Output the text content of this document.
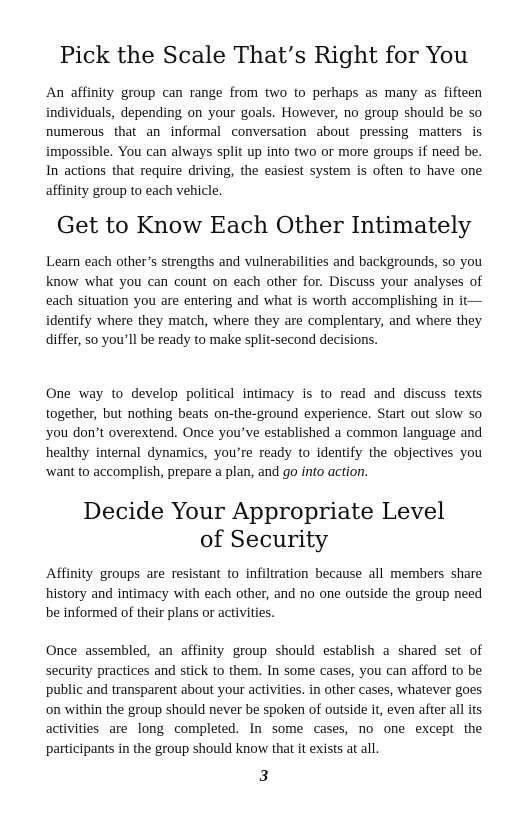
Pick the Scale That’s Right for You

An affinity group can range from two to perhaps as many as fifteen individuals, depending on your goals. However, no group should be so numerous that an informal conversation about pressing matters is impossible. You can always split up into two or more groups if need be. In actions that require driving, the easiest system is often to have one affinity group to each vehicle.

Get to Know Each Other Intimately

Learn each other’s strengths and vulnerabilities and backgrounds, so you know what you can count on each other for. Discuss your analyses of each situation you are entering and what is worth accomplishing in it—identify where they match, where they are complentary, and where they differ, so you’ll be ready to make split-second decisions.

One way to develop political intimacy is to read and discuss texts together, but nothing beats on-the-ground experience. Start out slow so you don’t overextend. Once you’ve established a common language and healthy internal dynamics, you’re ready to identify the objectives you want to accomplish, prepare a plan, and go into action.

Decide Your Appropriate Level of Security

Affinity groups are resistant to infiltration because all members share history and intimacy with each other, and no one outside the group need be informed of their plans or activities.

Once assembled, an affinity group should establish a shared set of security practices and stick to them. In some cases, you can afford to be public and transparent about your activities. in other cases, whatever goes on within the group should never be spoken of outside it, even after all its activities are long completed. In some cases, no one except the participants in the group should know that it exists at all.

3
